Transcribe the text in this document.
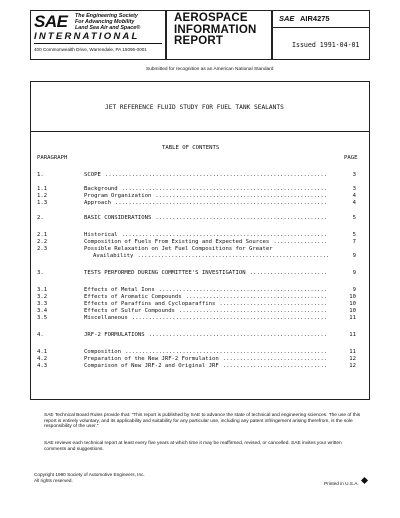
SAE The Engineering Society
For Advancing Mobility
Land Sea Air and Space®
INTERNATIONAL
400 Commonwealth Drive, Warrendale, PA 15096-0001
AEROSPACE
INFORMATION
REPORT
SAE AIR4275
Issued 1991-04-01
Submitted for recognition as an American National Standard
JET REFERENCE FLUID STUDY FOR FUEL TANK SEALANTS
TABLE OF CONTENTS
PARAGRAPH	PAGE
1.	SCOPE ..................................................................	3
1.1	Background .............................................................	3
1.2	Program Organization ...................................................	4
1.3	Approach ...............................................................	4
2.	BASIC CONSIDERATIONS ...................................................	5
2.1	Historical .............................................................	5
2.2	Composition of Fuels From Existing and Expected Sources ................	7
2.3	Possible Relaxation on Jet Fuel Compositions for Greater
Availability .........................................................	9
3.	TESTS PERFORMED DURING COMMITTEE'S INVESTIGATION .......................	9
3.1	Effects of Metal Ions ..................................................	9
3.2	Effects of Aromatic Compounds ..........................................	10
3.3	Effects of Paraffins and Cycloparaffins ................................	10
3.4	Effects of Sulfur Compounds ............................................	10
3.5	Miscellaneous ..........................................................	11
4.	JRF-2 FORMULATIONS .....................................................	11
4.1	Composition ............................................................	11
4.2	Preparation of the New JRF-2 Formulation ...............................	12
4.3	Comparison of New JRF-2 and Original JRF ...............................	12
SAE Technical Board Rules provide that: "This report is published by SAE to advance the state of technical and engineering sciences. The use of this report is entirely voluntary, and its applicability and suitability for any particular use, including any patent infringement arising therefrom, is the sole responsibility of the user."
SAE reviews each technical report at least every five years at which time it may be reaffirmed, revised, or cancelled. SAE invites your written comments and suggestions.
Copyright 1990 Society of Automotive Engineers, Inc.
All rights reserved.
Printed in U.S.A.
